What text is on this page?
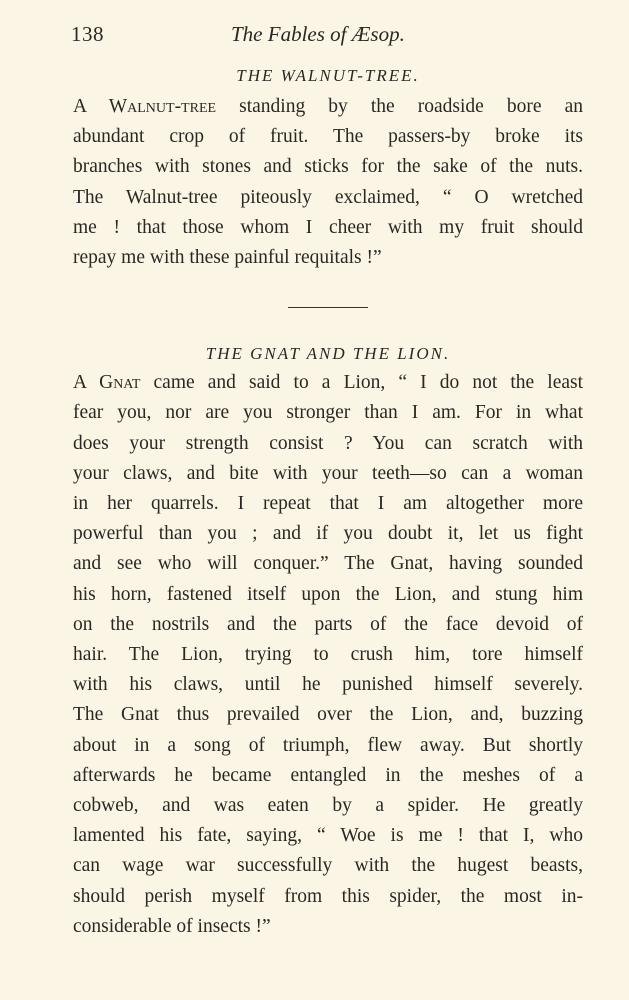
138	The Fables of Æsop.
THE WALNUT-TREE.
A Walnut-tree standing by the roadside bore an
abundant crop of fruit. The passers-by broke its
branches with stones and sticks for the sake of the nuts.
The Walnut-tree piteously exclaimed, “ O wretched
me ! that those whom I cheer with my fruit should
repay me with these painful requitals !”
THE GNAT AND THE LION.
A Gnat came and said to a Lion, “ I do not the least
fear you, nor are you stronger than I am. For in what
does your strength consist ? You can scratch with
your claws, and bite with your teeth—so can a woman
in her quarrels. I repeat that I am altogether more
powerful than you ; and if you doubt it, let us fight
and see who will conquer.” The Gnat, having sounded
his horn, fastened itself upon the Lion, and stung him
on the nostrils and the parts of the face devoid of
hair. The Lion, trying to crush him, tore himself
with his claws, until he punished himself severely.
The Gnat thus prevailed over the Lion, and, buzzing
about in a song of triumph, flew away. But shortly
afterwards he became entangled in the meshes of a
cobweb, and was eaten by a spider. He greatly
lamented his fate, saying, “ Woe is me ! that I, who
can wage war successfully with the hugest beasts,
should perish myself from this spider, the most in-
considerable of insects !”
